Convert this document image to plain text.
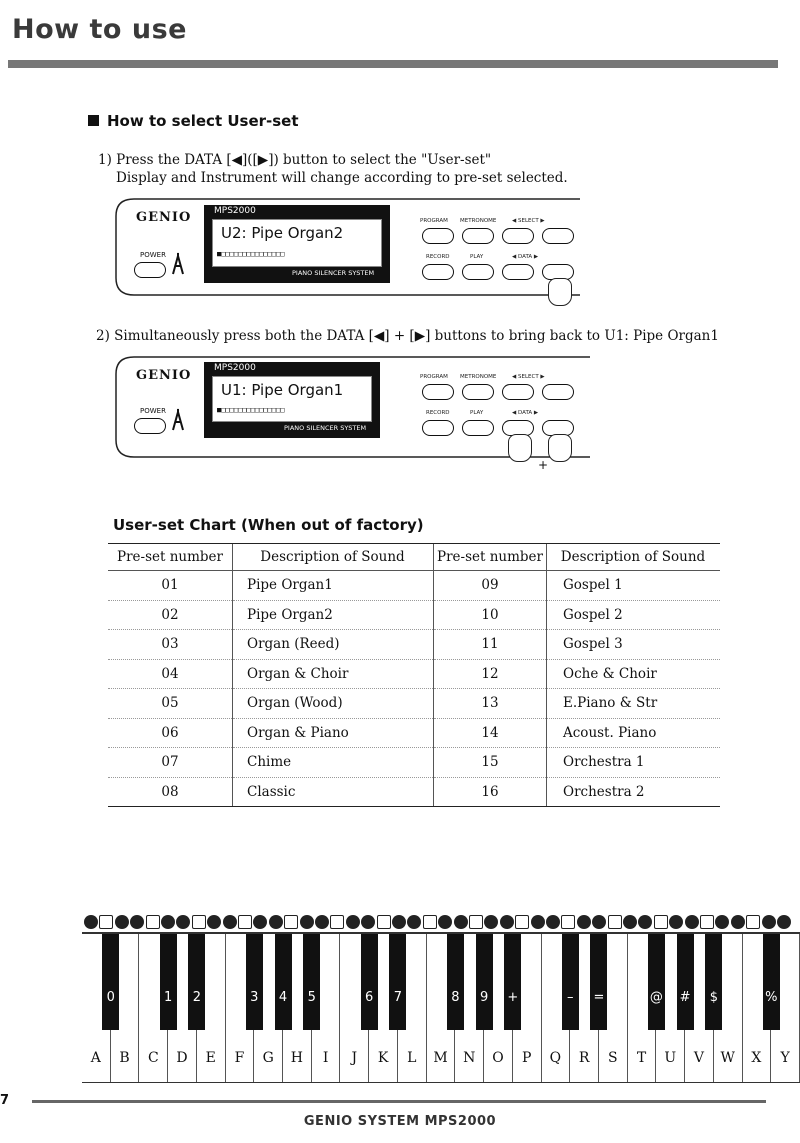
How to use
How to select User-set
1) Press the DATA [◀]([▶]) button to select the "User-set"
Display and Instrument will change according to pre-set selected.
GENIO
POWER
MPS2000
U2: Pipe Organ2
■□□□□□□□□□□□□□□□
PIANO SILENCER SYSTEM
PROGRAM METRONOME	◀ SELECT ▶
RECORD	PLAY	◀ DATA ▶
2) Simultaneously press both the DATA [◀] + [▶] buttons to bring back to U1: Pipe Organ1
GENIO
POWER
MPS2000
U1: Pipe Organ1
■□□□□□□□□□□□□□□□
PIANO SILENCER SYSTEM
PROGRAM METRONOME	◀ SELECT ▶
RECORD	PLAY	◀ DATA ▶
+
User-set Chart (When out of factory)
Pre-set number	Description of Sound	Pre-set number	Description of Sound
01	Pipe Organ1	09	Gospel 1
02	Pipe Organ2	10	Gospel 2
03	Organ (Reed)	11	Gospel 3
04	Organ & Choir	12	Oche & Choir
05	Organ (Wood)	13	E.Piano & Str
06	Organ & Piano	14	Acoust. Piano
07	Chime	15	Orchestra 1
08	Classic	16	Orchestra 2
A	B	C	D	E	F	G	H	I	J	K	L	M	N	O	P	Q	R	S	T	U	V	W	X	Y
0	1	2	3	4	5	6	7	8	9	+	–	=	@ #	$	%
7
GENIO SYSTEM MPS2000
